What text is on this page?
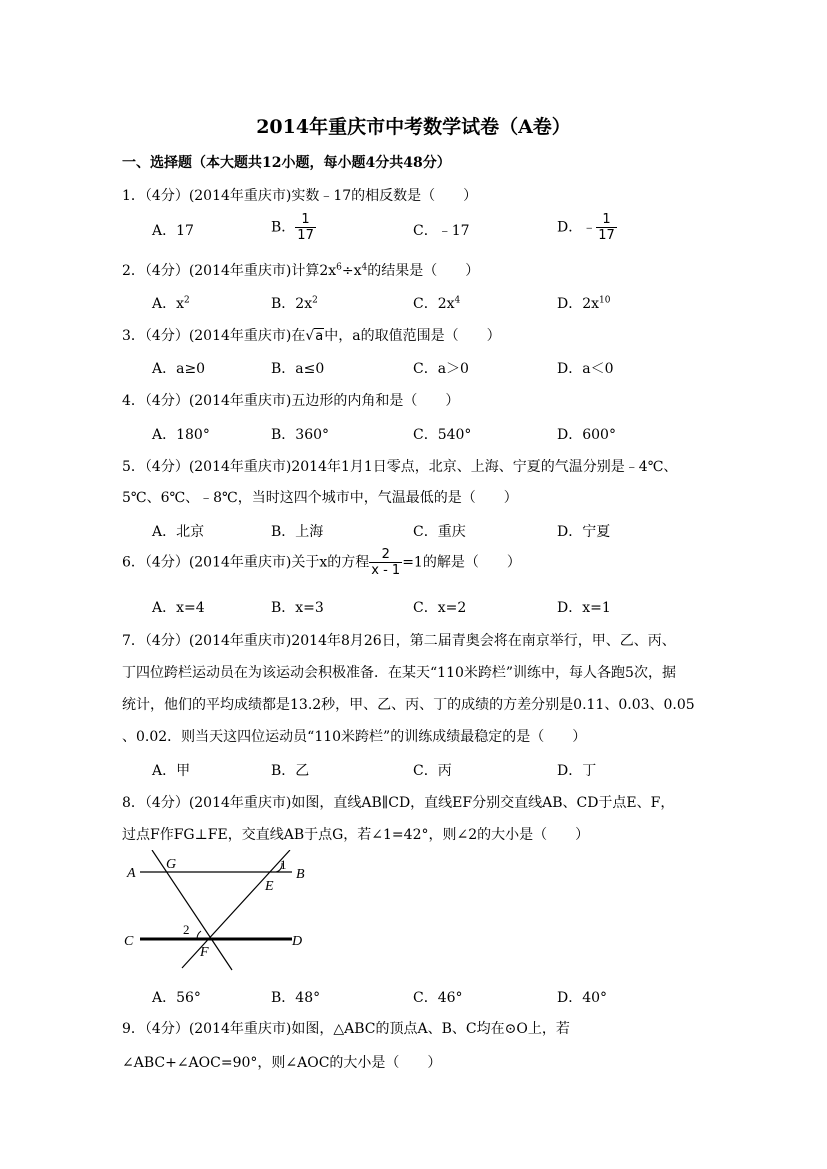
2014年重庆市中考数学试卷（A卷）
一、选择题（本大题共12小题，每小题4分共48分）
1．（4分）(2014年重庆市)实数﹣17的相反数是（　　）
A．17	B． $\frac{1}{17}$	C．﹣17	D．﹣ $\frac{1}{17}$
2．（4分）(2014年重庆市)计算$2x^6\div x^4$的结果是（　　）
A．$x^2$	B．$2x^2$	C．$2x^4$	D．$2x^{10}$
3．（4分）(2014年重庆市)在√a中，a的取值范围是（　　）
A．a≥0	B．a≤0	C．a＞0	D．a＜0
4．（4分）(2014年重庆市)五边形的内角和是（　　）
A．180°	B．360°	C．540°	D．600°
5．（4分）(2014年重庆市)2014年1月1日零点，北京、上海、宁夏的气温分别是﹣4℃、
5℃、6℃、﹣8℃，当时这四个城市中，气温最低的是（　　）
A．北京	B．上海	C．重庆	D．宁夏
6．（4分）(2014年重庆市)关于x的方程 $\frac{2}{x - 1} =1$的解是（　　）
A．x=4	B．x=3	C．x=2	D．x=1
7．（4分）(2014年重庆市)2014年8月26日，第二届青奥会将在南京举行，甲、乙、丙、
丁四位跨栏运动员在为该运动会积极准备．在某天“110米跨栏”训练中，每人各跑5次，据
统计，他们的平均成绩都是13.2秒，甲、乙、丙、丁的成绩的方差分别是0.11、0.03、0.05
、0.02．则当天这四位运动员“110米跨栏”的训练成绩最稳定的是（　　）
A．甲	B．乙	C．丙	D．丁
8．（4分）(2014年重庆市)如图，直线AB∥CD，直线EF分别交直线AB、CD于点E、F，
过点F作FG⊥FE，交直线AB于点G，若∠1=42°，则∠2的大小是（　　）
A	B
C	D
G
E
F
1
2
A．56°	B．48°	C．46°	D．40°
9．（4分）(2014年重庆市)如图，△ABC的顶点A、B、C均在⊙O上，若
∠ABC+∠AOC=90°，则∠AOC的大小是（　　）
